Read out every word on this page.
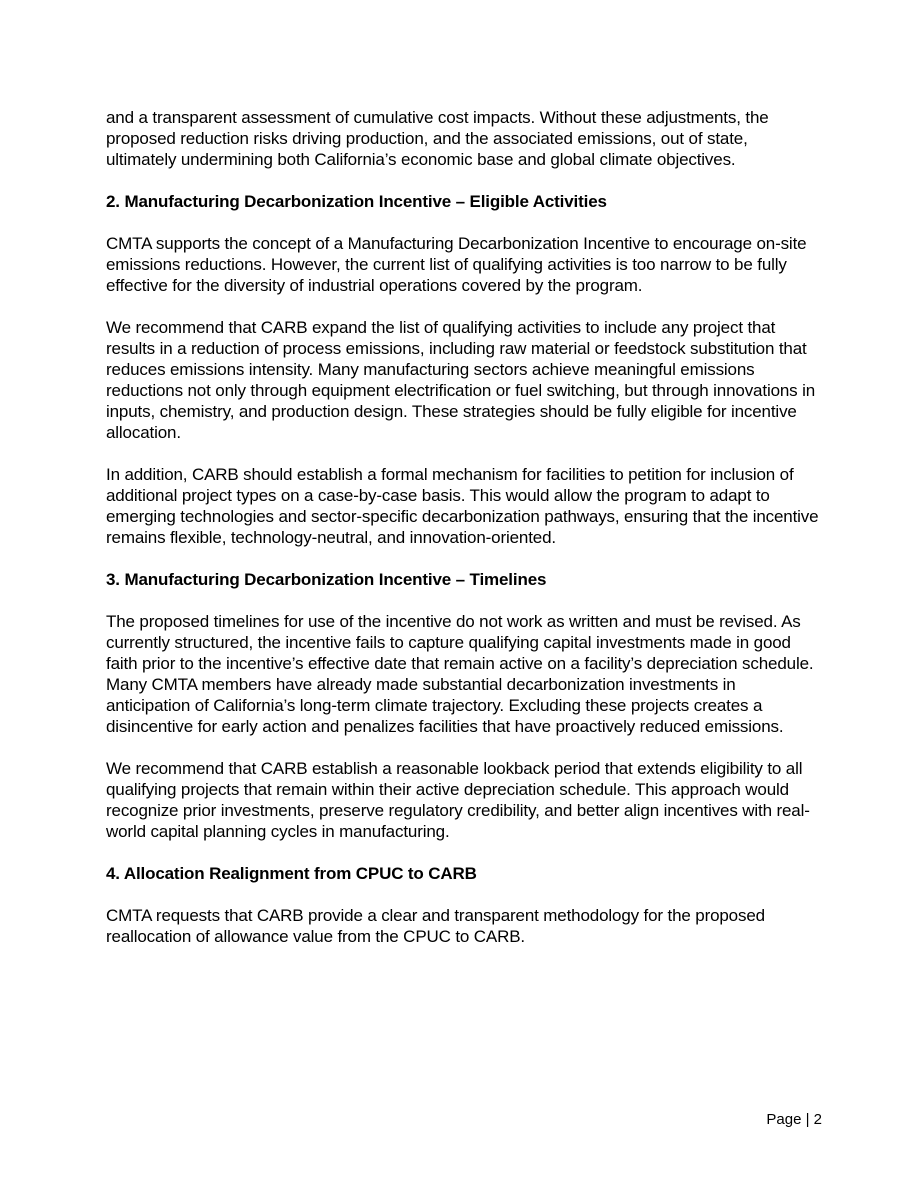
and a transparent assessment of cumulative cost impacts. Without these adjustments, the proposed reduction risks driving production, and the associated emissions, out of state, ultimately undermining both California’s economic base and global climate objectives.

2. Manufacturing Decarbonization Incentive – Eligible Activities

CMTA supports the concept of a Manufacturing Decarbonization Incentive to encourage on-site emissions reductions. However, the current list of qualifying activities is too narrow to be fully effective for the diversity of industrial operations covered by the program.

We recommend that CARB expand the list of qualifying activities to include any project that results in a reduction of process emissions, including raw material or feedstock substitution that reduces emissions intensity. Many manufacturing sectors achieve meaningful emissions reductions not only through equipment electrification or fuel switching, but through innovations in inputs, chemistry, and production design. These strategies should be fully eligible for incentive allocation.

In addition, CARB should establish a formal mechanism for facilities to petition for inclusion of additional project types on a case-by-case basis. This would allow the program to adapt to emerging technologies and sector-specific decarbonization pathways, ensuring that the incentive remains flexible, technology-neutral, and innovation-oriented.

3. Manufacturing Decarbonization Incentive – Timelines

The proposed timelines for use of the incentive do not work as written and must be revised. As currently structured, the incentive fails to capture qualifying capital investments made in good faith prior to the incentive’s effective date that remain active on a facility’s depreciation schedule. Many CMTA members have already made substantial decarbonization investments in anticipation of California’s long-term climate trajectory. Excluding these projects creates a disincentive for early action and penalizes facilities that have proactively reduced emissions.

We recommend that CARB establish a reasonable lookback period that extends eligibility to all qualifying projects that remain within their active depreciation schedule. This approach would recognize prior investments, preserve regulatory credibility, and better align incentives with real-world capital planning cycles in manufacturing.

4. Allocation Realignment from CPUC to CARB

CMTA requests that CARB provide a clear and transparent methodology for the proposed reallocation of allowance value from the CPUC to CARB.

Page | 2
